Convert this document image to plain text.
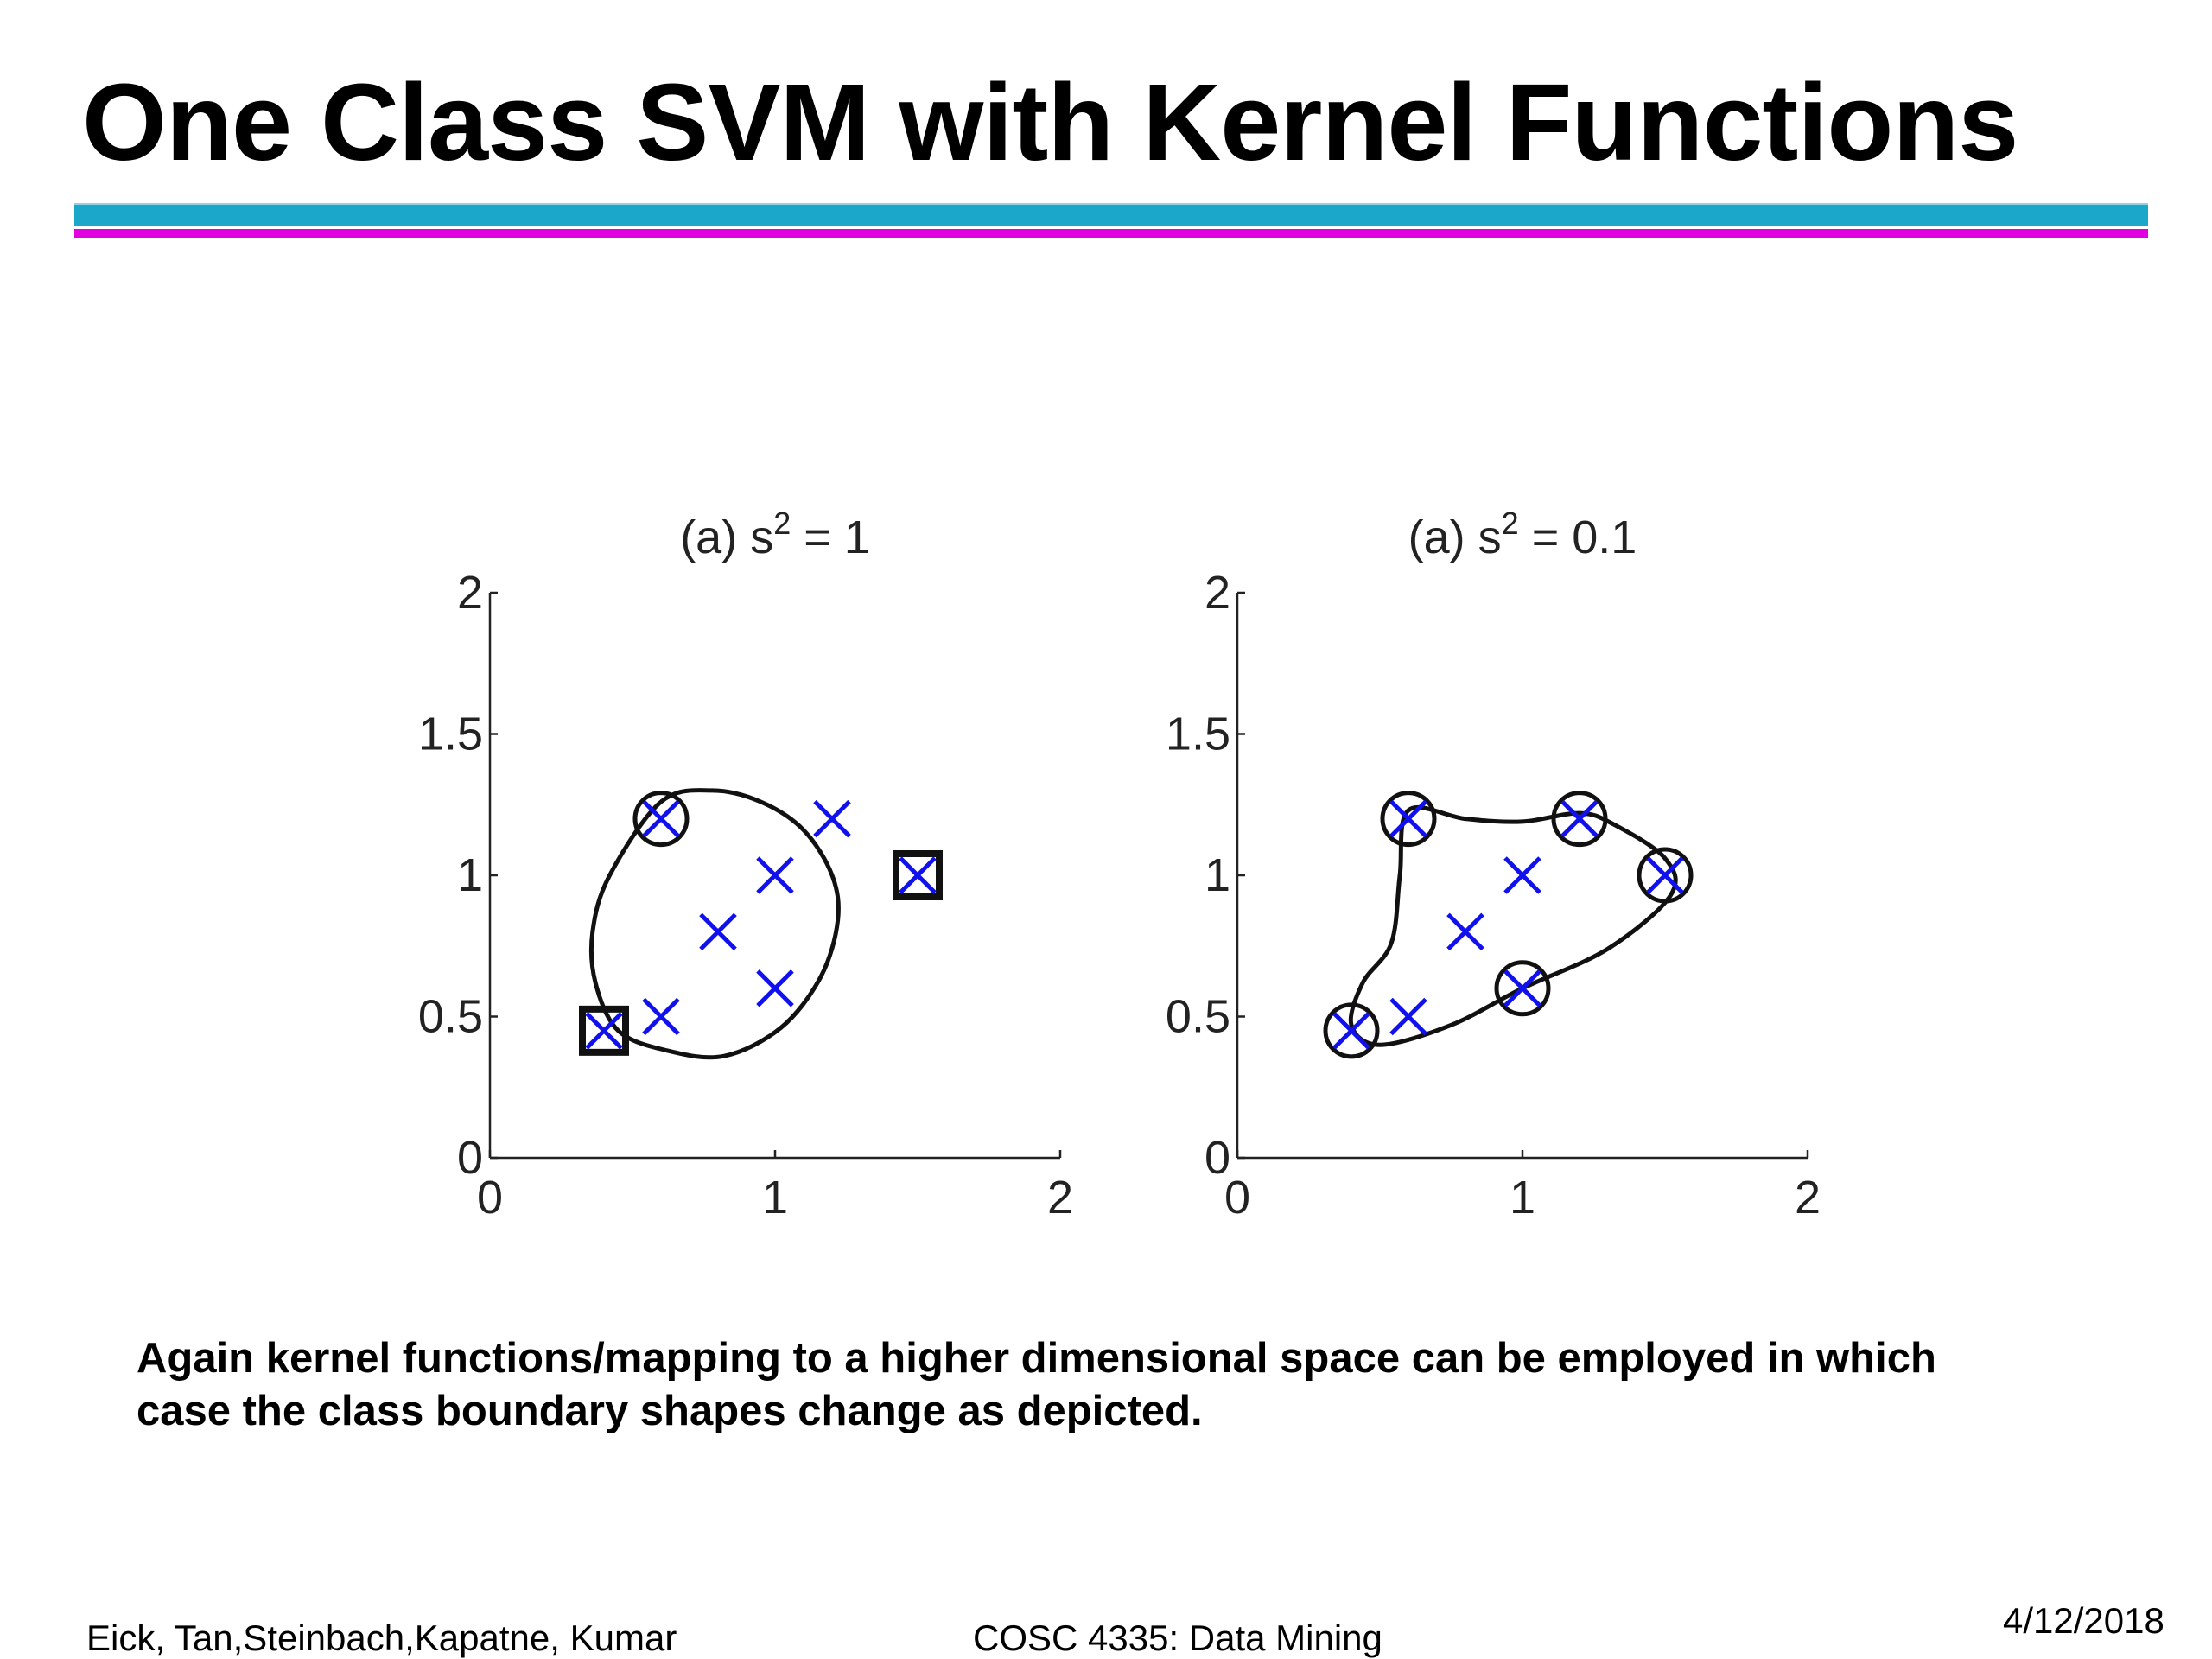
One Class SVM with Kernel Functions
(a) $s^2 = 1$
0	1	2
0
0.5
1
1.5
2
(a) $s^2 = 0.1$
0	1	2
0
0.5
1
1.5
2

Again kernel functions/mapping to a higher dimensional space can be employed in which
case the class boundary shapes change as depicted.

Eick, Tan,Steinbach,Kapatne, Kumar	COSC 4335: Data Mining	4/12/2018
